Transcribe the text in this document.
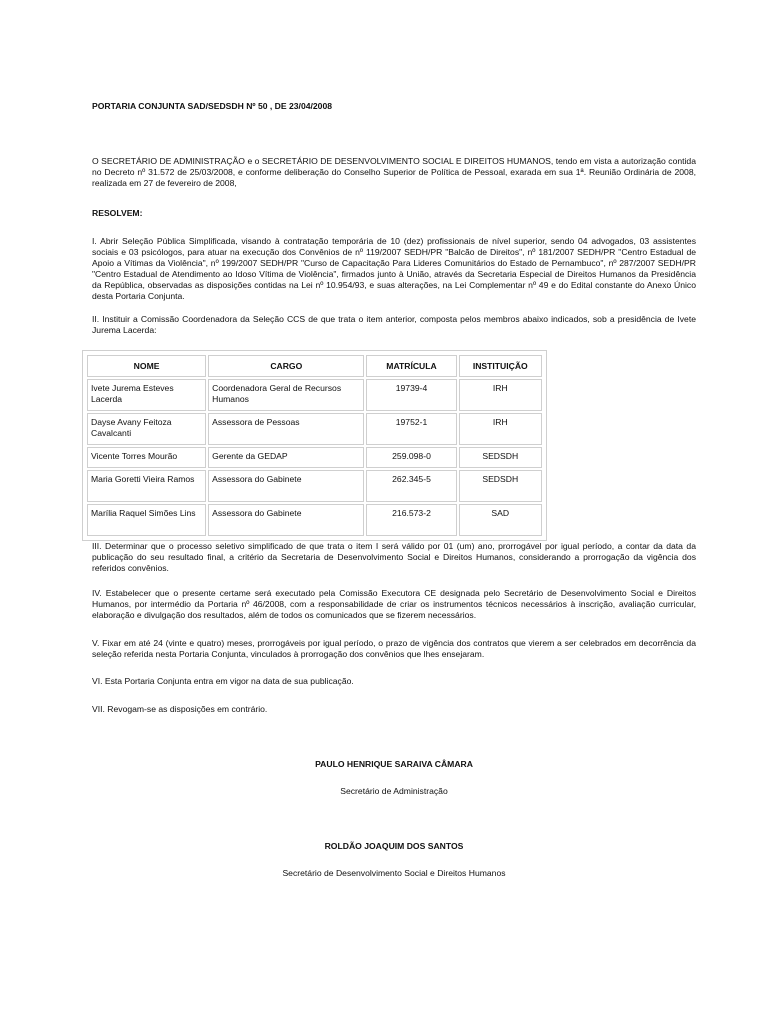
PORTARIA CONJUNTA SAD/SEDSDH Nº 50 , DE 23/04/2008

O SECRETÁRIO DE ADMINISTRAÇÃO e o SECRETÁRIO DE DESENVOLVIMENTO SOCIAL E DIREITOS HUMANOS, tendo em vista a autorização contida no Decreto nº 31.572 de 25/03/2008, e conforme deliberação do Conselho Superior de Política de Pessoal, exarada em sua 1ª. Reunião Ordinária de 2008, realizada em 27 de fevereiro de 2008,

RESOLVEM:

I. Abrir Seleção Pública Simplificada, visando à contratação temporária de 10 (dez) profissionais de nível superior, sendo 04 advogados, 03 assistentes sociais e 03 psicólogos, para atuar na execução dos Convênios de nº 119/2007 SEDH/PR "Balcão de Direitos", nº 181/2007 SEDH/PR "Centro Estadual de Apoio a Vítimas da Violência", nº 199/2007 SEDH/PR "Curso de Capacitação Para Lideres Comunitários do Estado de Pernambuco", nº 287/2007 SEDH/PR "Centro Estadual de Atendimento ao Idoso Vítima de Violência", firmados junto à União, através da Secretaria Especial de Direitos Humanos da Presidência da República, observadas as disposições contidas na Lei nº 10.954/93, e suas alterações, na Lei Complementar nº 49 e do Edital constante do Anexo Único desta Portaria Conjunta.

II. Instituir a Comissão Coordenadora da Seleção CCS de que trata o item anterior, composta pelos membros abaixo indicados, sob a presidência de Ivete Jurema Lacerda:

NOME	CARGO	MATRÍCULA	INSTITUIÇÃO
Ivete Jurema Esteves Lacerda	Coordenadora Geral de Recursos Humanos	19739-4	IRH
Dayse Avany Feitoza Cavalcanti	Assessora de Pessoas	19752-1	IRH
Vicente Torres Mourão	Gerente da GEDAP	259.098-0	SEDSDH
Maria Goretti Vieira Ramos	Assessora do Gabinete	262.345-5	SEDSDH
Marília Raquel Simões Lins	Assessora do Gabinete	216.573-2	SAD

III. Determinar que o processo seletivo simplificado de que trata o item I será válido por 01 (um) ano, prorrogável por igual período, a contar da data da publicação do seu resultado final, a critério da Secretaria de Desenvolvimento Social e Direitos Humanos, considerando a prorrogação da vigência dos referidos convênios.

IV. Estabelecer que o presente certame será executado pela Comissão Executora CE designada pelo Secretário de Desenvolvimento Social e Direitos Humanos, por intermédio da Portaria nº 46/2008, com a responsabilidade de criar os instrumentos técnicos necessários à inscrição, avaliação curricular, elaboração e divulgação dos resultados, além de todos os comunicados que se fizerem necessários.

V. Fixar em até 24 (vinte e quatro) meses, prorrogáveis por igual período, o prazo de vigência dos contratos que vierem a ser celebrados em decorrência da seleção referida nesta Portaria Conjunta, vinculados à prorrogação dos convênios que lhes ensejaram.

VI. Esta Portaria Conjunta entra em vigor na data de sua publicação.

VII. Revogam-se as disposições em contrário.

PAULO HENRIQUE SARAIVA CÂMARA

Secretário de Administração

ROLDÃO JOAQUIM DOS SANTOS

Secretário de Desenvolvimento Social e Direitos Humanos
